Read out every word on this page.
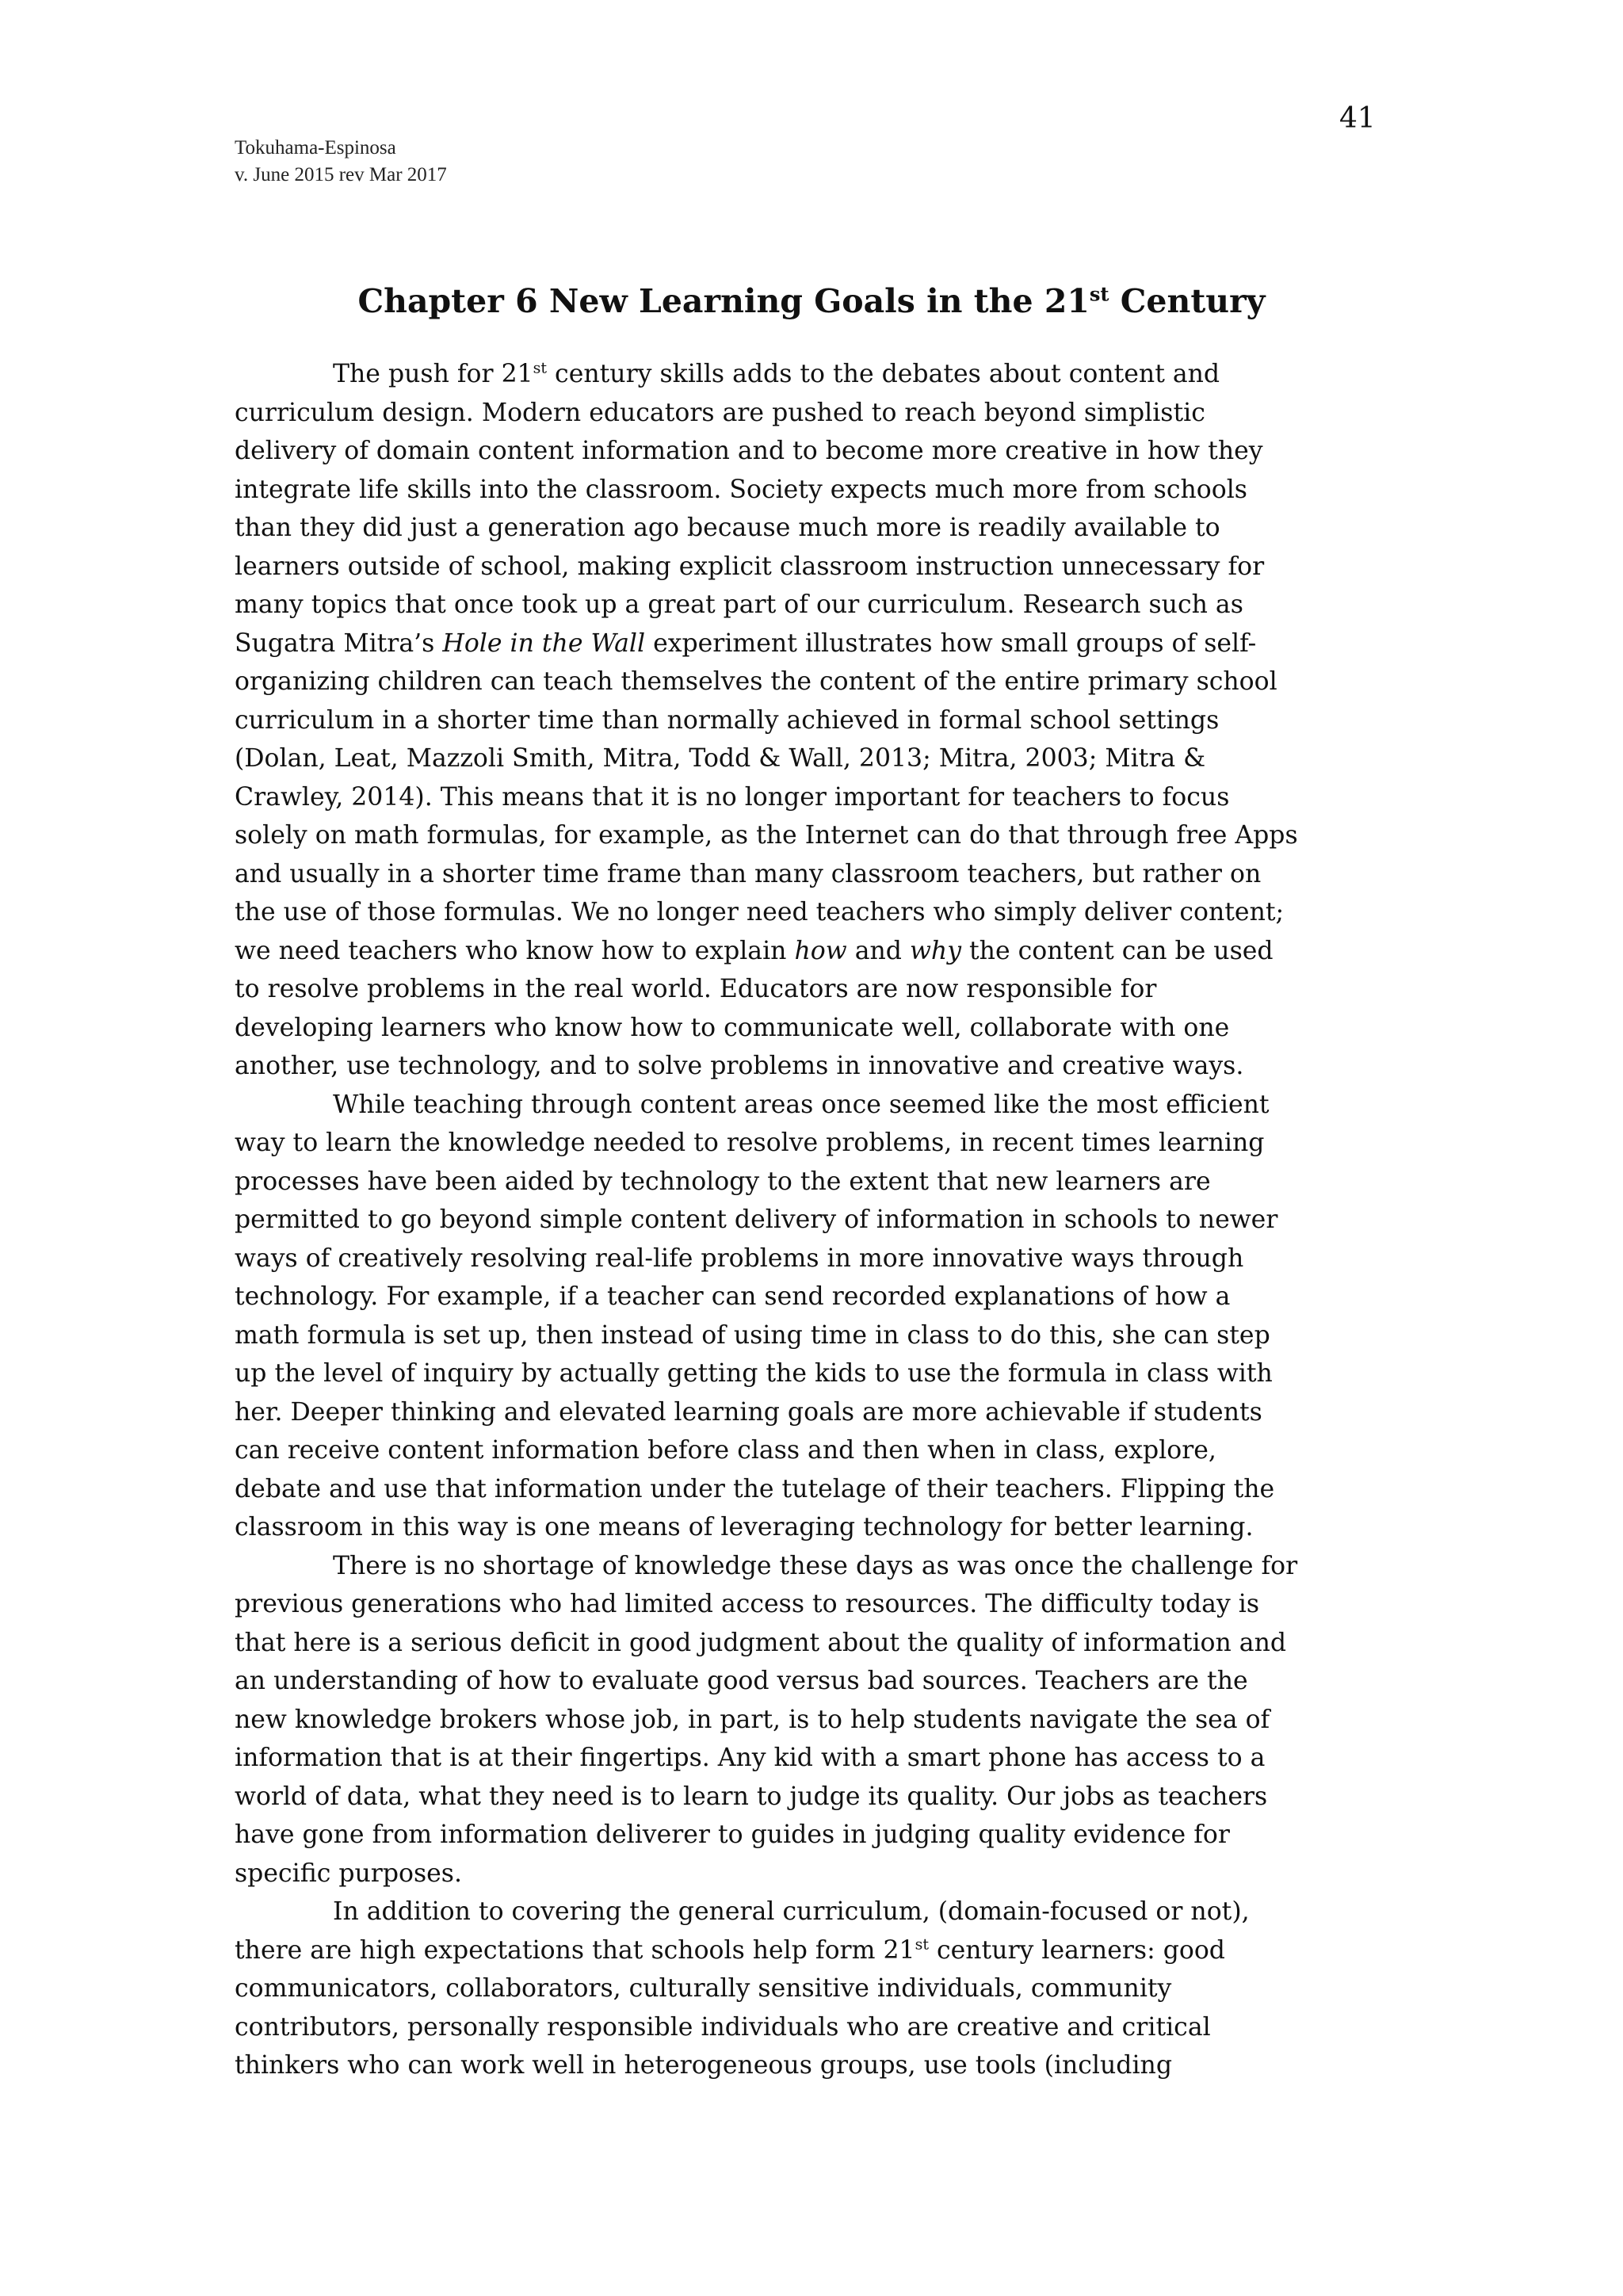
Tokuhama-Espinosa
v. June 2015 rev Mar 2017
41
Chapter 6 New Learning Goals in the 21st Century
The push for 21st century skills adds to the debates about content and
curriculum design. Modern educators are pushed to reach beyond simplistic
delivery of domain content information and to become more creative in how they
integrate life skills into the classroom. Society expects much more from schools
than they did just a generation ago because much more is readily available to
learners outside of school, making explicit classroom instruction unnecessary for
many topics that once took up a great part of our curriculum. Research such as
Sugatra Mitra’s Hole in the Wall experiment illustrates how small groups of self-
organizing children can teach themselves the content of the entire primary school
curriculum in a shorter time than normally achieved in formal school settings
(Dolan, Leat, Mazzoli Smith, Mitra, Todd & Wall, 2013; Mitra, 2003; Mitra &
Crawley, 2014). This means that it is no longer important for teachers to focus
solely on math formulas, for example, as the Internet can do that through free Apps
and usually in a shorter time frame than many classroom teachers, but rather on
the use of those formulas. We no longer need teachers who simply deliver content;
we need teachers who know how to explain how and why the content can be used
to resolve problems in the real world. Educators are now responsible for
developing learners who know how to communicate well, collaborate with one
another, use technology, and to solve problems in innovative and creative ways.
While teaching through content areas once seemed like the most efficient
way to learn the knowledge needed to resolve problems, in recent times learning
processes have been aided by technology to the extent that new learners are
permitted to go beyond simple content delivery of information in schools to newer
ways of creatively resolving real-life problems in more innovative ways through
technology. For example, if a teacher can send recorded explanations of how a
math formula is set up, then instead of using time in class to do this, she can step
up the level of inquiry by actually getting the kids to use the formula in class with
her. Deeper thinking and elevated learning goals are more achievable if students
can receive content information before class and then when in class, explore,
debate and use that information under the tutelage of their teachers. Flipping the
classroom in this way is one means of leveraging technology for better learning.
There is no shortage of knowledge these days as was once the challenge for
previous generations who had limited access to resources. The difficulty today is
that here is a serious deficit in good judgment about the quality of information and
an understanding of how to evaluate good versus bad sources. Teachers are the
new knowledge brokers whose job, in part, is to help students navigate the sea of
information that is at their fingertips. Any kid with a smart phone has access to a
world of data, what they need is to learn to judge its quality. Our jobs as teachers
have gone from information deliverer to guides in judging quality evidence for
specific purposes.
In addition to covering the general curriculum, (domain-focused or not),
there are high expectations that schools help form 21st century learners: good
communicators, collaborators, culturally sensitive individuals, community
contributors, personally responsible individuals who are creative and critical
thinkers who can work well in heterogeneous groups, use tools (including
